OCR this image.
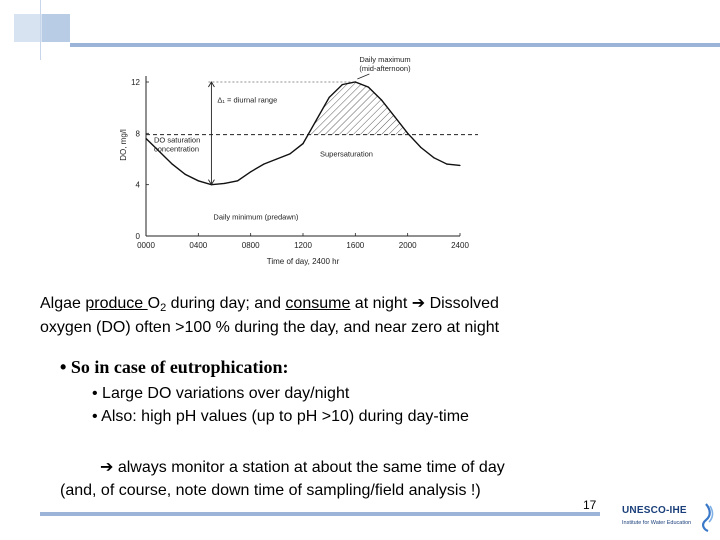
0000	0400	0800	1200	1600	2000	2400
0
4
8
12
Time of day, 2400 hr
DO, mg/l
Daily maximum
(mid-afternoon)
Δ₁ = diurnal range
DO saturation
concentration
Supersaturation
Daily minimum (predawn)
Algae produce $O_2$ during day; and consume at night ➔ Dissolved
oxygen (DO) often >100 % during the day, and near zero at night
• So in case of eutrophication:
• Large DO variations over day/night
• Also: high pH values (up to pH >10) during day-time
➔ always monitor a station at about the same time of day
(and, of course, note down time of sampling/field analysis !)
17	UNESCO-IHE
Institute for Water Education
